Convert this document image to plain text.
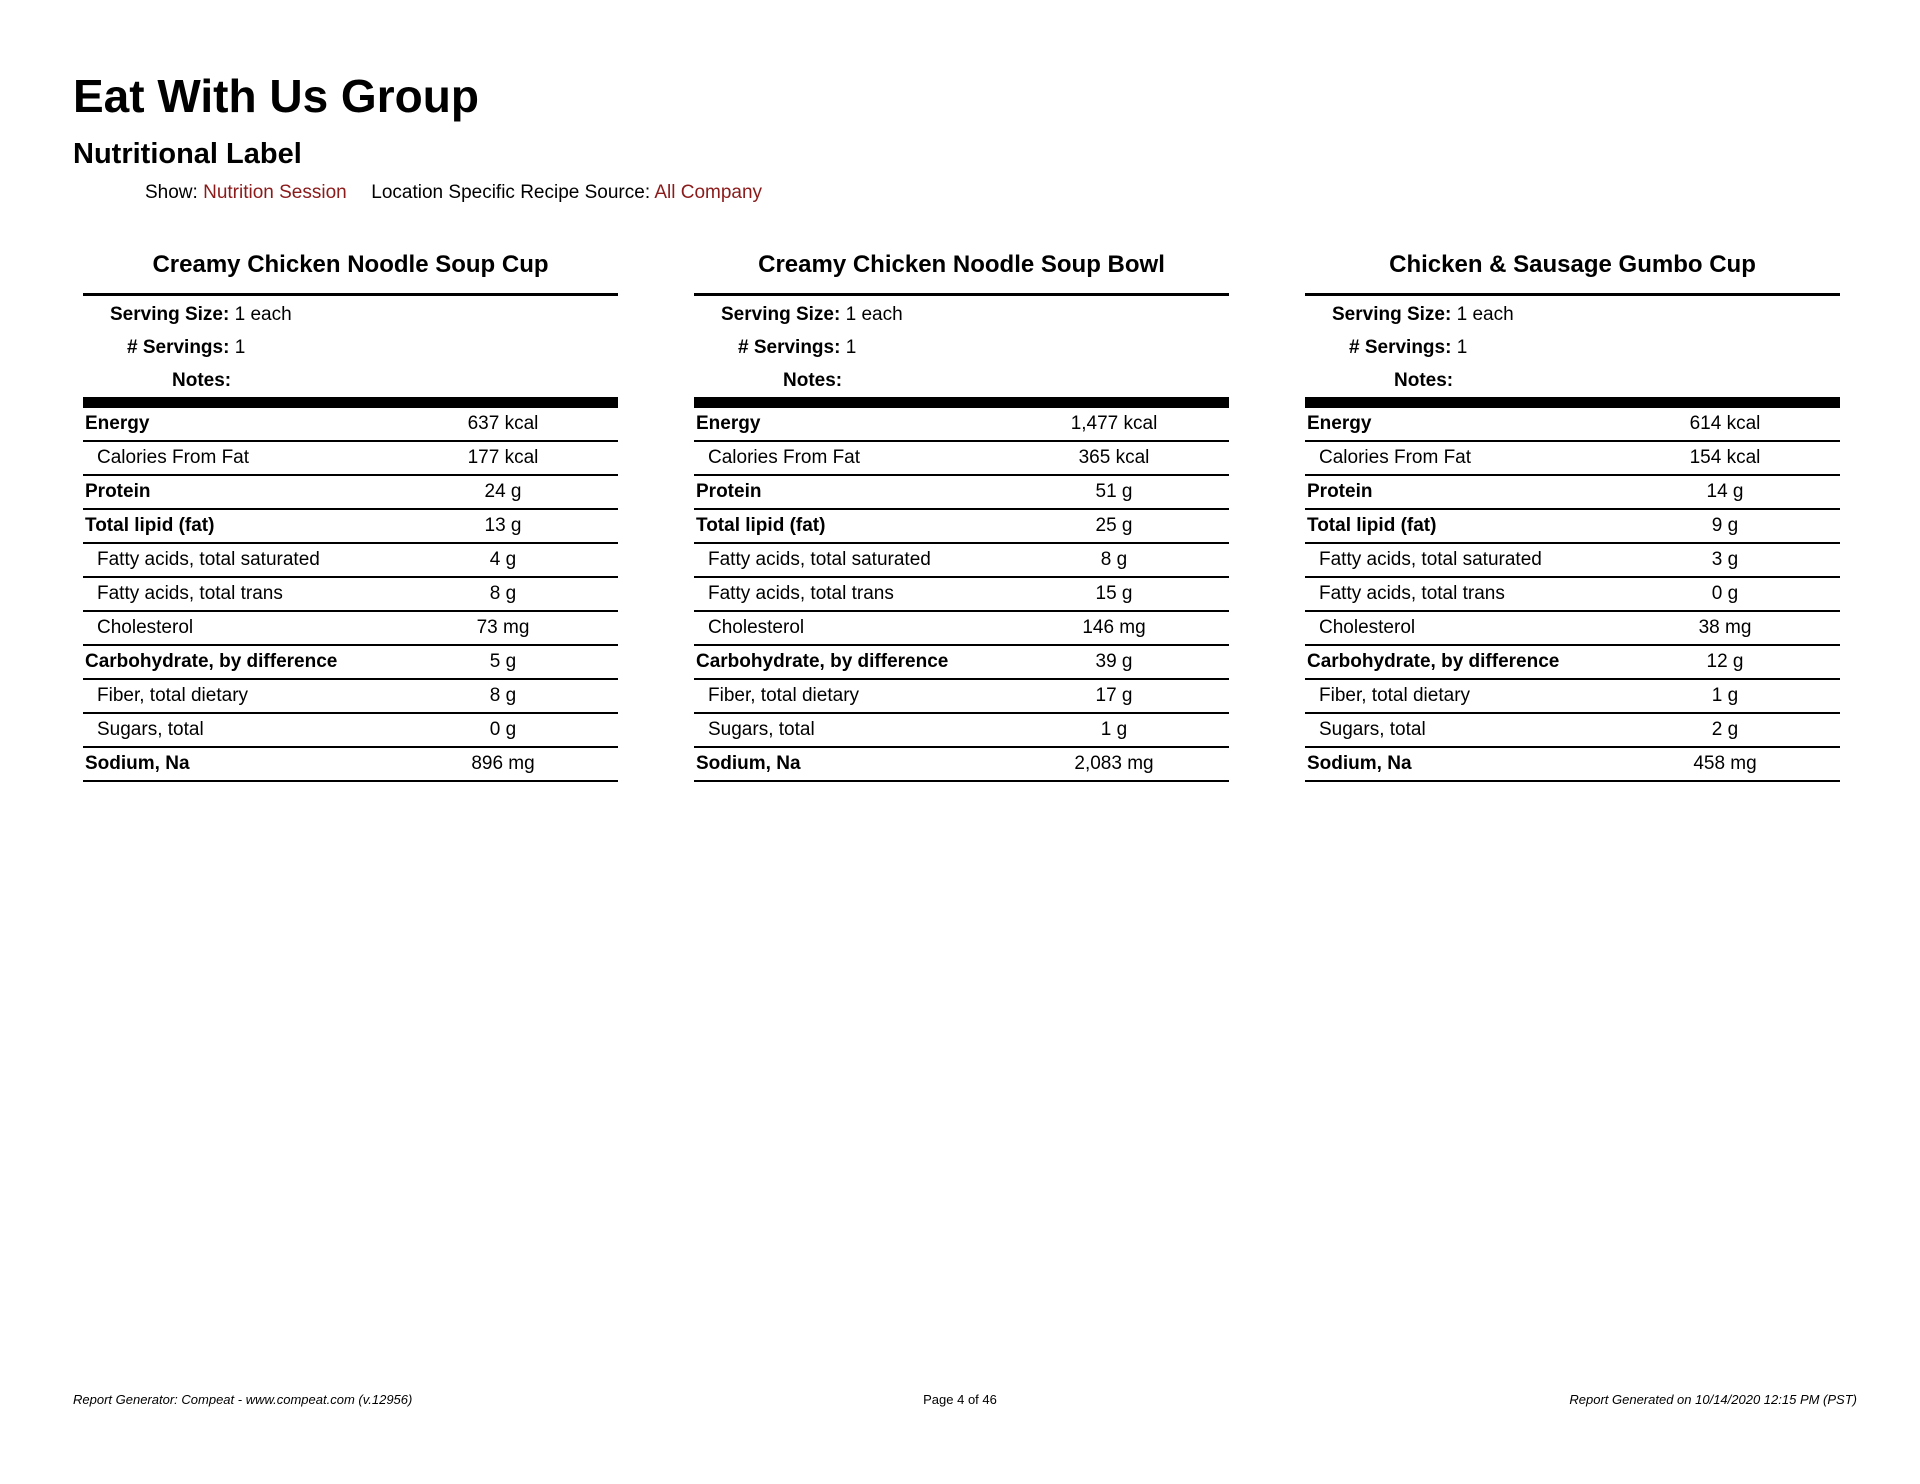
Eat With Us Group
Nutritional Label
Show: Nutrition Session Location Specific Recipe Source: All Company
Creamy Chicken Noodle Soup Cup
Serving Size: 1 each
# Servings: 1
Notes:
Energy	637 kcal
Calories From Fat	177 kcal
Protein	24 g
Total lipid (fat)	13 g
Fatty acids, total saturated	4 g
Fatty acids, total trans	8 g
Cholesterol	73 mg
Carbohydrate, by difference	5 g
Fiber, total dietary	8 g
Sugars, total	0 g
Sodium, Na	896 mg
Creamy Chicken Noodle Soup Bowl
Serving Size: 1 each
# Servings: 1
Notes:
Energy	1,477 kcal
Calories From Fat	365 kcal
Protein	51 g
Total lipid (fat)	25 g
Fatty acids, total saturated	8 g
Fatty acids, total trans	15 g
Cholesterol	146 mg
Carbohydrate, by difference	39 g
Fiber, total dietary	17 g
Sugars, total	1 g
Sodium, Na	2,083 mg
Chicken & Sausage Gumbo Cup
Serving Size: 1 each
# Servings: 1
Notes:
Energy	614 kcal
Calories From Fat	154 kcal
Protein	14 g
Total lipid (fat)	9 g
Fatty acids, total saturated	3 g
Fatty acids, total trans	0 g
Cholesterol	38 mg
Carbohydrate, by difference	12 g
Fiber, total dietary	1 g
Sugars, total	2 g
Sodium, Na	458 mg
Report Generator: Compeat - www.compeat.com (v.12956)	Page 4 of 46	Report Generated on 10/14/2020 12:15 PM (PST)
